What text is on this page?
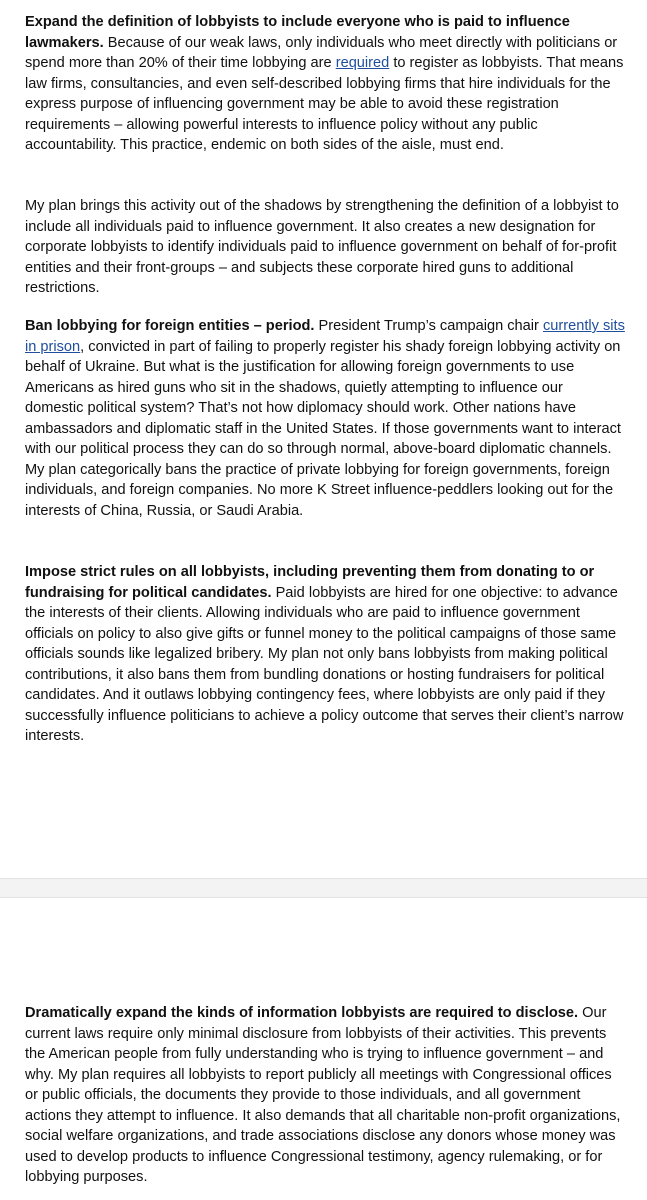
Expand the definition of lobbyists to include everyone who is paid to influence lawmakers. Because of our weak laws, only individuals who meet directly with politicians or spend more than 20% of their time lobbying are required to register as lobbyists. That means law firms, consultancies, and even self-described lobbying firms that hire individuals for the express purpose of influencing government may be able to avoid these registration requirements – allowing powerful interests to influence policy without any public accountability. This practice, endemic on both sides of the aisle, must end.

My plan brings this activity out of the shadows by strengthening the definition of a lobbyist to include all individuals paid to influence government. It also creates a new designation for corporate lobbyists to identify individuals paid to influence government on behalf of for-profit entities and their front-groups – and subjects these corporate hired guns to additional restrictions.

Ban lobbying for foreign entities – period. President Trump’s campaign chair currently sits in prison, convicted in part of failing to properly register his shady foreign lobbying activity on behalf of Ukraine. But what is the justification for allowing foreign governments to use Americans as hired guns who sit in the shadows, quietly attempting to influence our domestic political system? That’s not how diplomacy should work. Other nations have ambassadors and diplomatic staff in the United States. If those governments want to interact with our political process they can do so through normal, above-board diplomatic channels. My plan categorically bans the practice of private lobbying for foreign governments, foreign individuals, and foreign companies. No more K Street influence-peddlers looking out for the interests of China, Russia, or Saudi Arabia.

Impose strict rules on all lobbyists, including preventing them from donating to or fundraising for political candidates. Paid lobbyists are hired for one objective: to advance the interests of their clients. Allowing individuals who are paid to influence government officials on policy to also give gifts or funnel money to the political campaigns of those same officials sounds like legalized bribery. My plan not only bans lobbyists from making political contributions, it also bans them from bundling donations or hosting fundraisers for political candidates. And it outlaws lobbying contingency fees, where lobbyists are only paid if they successfully influence politicians to achieve a policy outcome that serves their client’s narrow interests.

Dramatically expand the kinds of information lobbyists are required to disclose. Our current laws require only minimal disclosure from lobbyists of their activities. This prevents the American people from fully understanding who is trying to influence government – and why. My plan requires all lobbyists to report publicly all meetings with Congressional offices or public officials, the documents they provide to those individuals, and all government actions they attempt to influence. It also demands that all charitable non-profit organizations, social welfare organizations, and trade associations disclose any donors whose money was used to develop products to influence Congressional testimony, agency rulemaking, or for lobbying purposes.
